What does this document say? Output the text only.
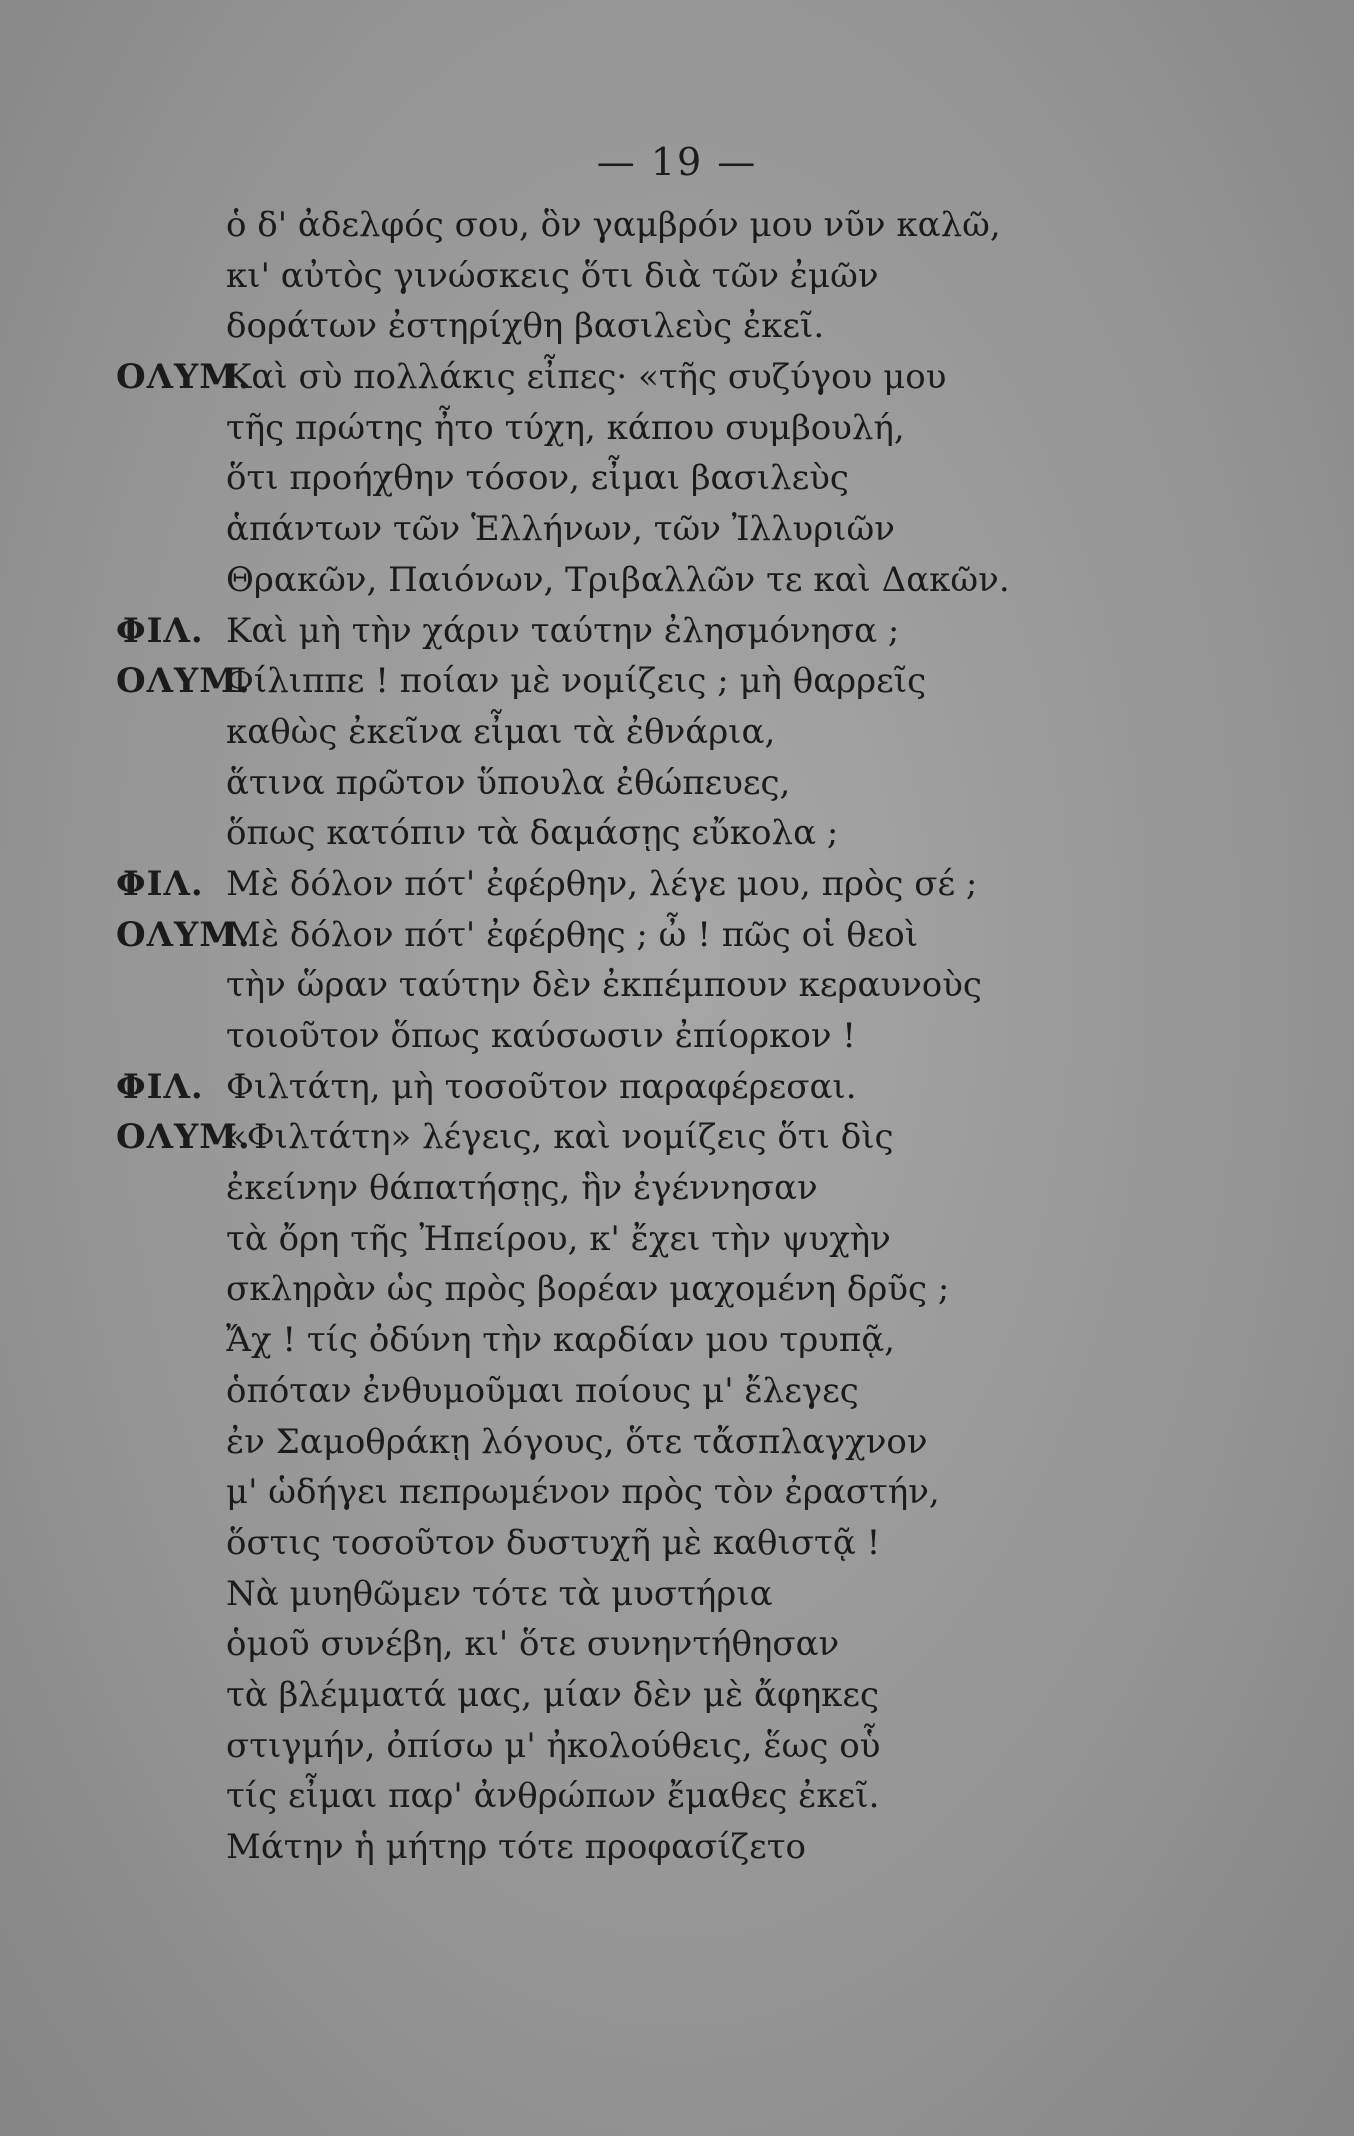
— 19 —
ὁ δ' ἀδελφός σου, ὃν γαμβρόν μου νῦν καλῶ,
κι' αὐτὸς γινώσκεις ὅτι διὰ τῶν ἐμῶν
δοράτων ἐστηρίχθη βασιλεὺς ἐκεῖ.
ΟΛΥΜ.
Καὶ σὺ πολλάκις εἶπες· «τῆς συζύγου μου
τῆς πρώτης ἦτο τύχη, κάπου συμβουλή,
ὅτι προήχθην τόσον, εἶμαι βασιλεὺς
ἁπάντων τῶν Ἑλλήνων, τῶν Ἰλλυριῶν
Θρακῶν, Παιόνων, Τριβαλλῶν τε καὶ Δακῶν.
ΦΙΛ. Καὶ μὴ τὴν χάριν ταύτην ἐλησμόνησα ;
ΟΛΥΜ.
Φίλιππε ! ποίαν μὲ νομίζεις ; μὴ θαρρεῖς
καθὼς ἐκεῖνα εἶμαι τὰ ἐθνάρια,
ἅτινα πρῶτον ὕπουλα ἐθώπευες,
ὅπως κατόπιν τὰ δαμάσῃς εὔκολα ;
ΦΙΛ. Μὲ δόλον πότ' ἐφέρθην, λέγε μου, πρὸς σέ ;
ΟΛΥΜ.
Μὲ δόλον πότ' ἐφέρθης ; ὦ ! πῶς οἱ θεοὶ
τὴν ὥραν ταύτην δὲν ἐκπέμπουν κεραυνοὺς
τοιοῦτον ὅπως καύσωσιν ἐπίορκον !
ΦΙΛ. Φιλτάτη, μὴ τοσοῦτον παραφέρεσαι.
ΟΛΥΜ.
«Φιλτάτη» λέγεις, καὶ νομίζεις ὅτι δὶς
ἐκείνην θάπατήσῃς, ἣν ἐγέννησαν
τὰ ὄρη τῆς Ἠπείρου, κ' ἔχει τὴν ψυχὴν
σκληρὰν ὡς πρὸς βορέαν μαχομένη δρῦς ;
Ἄχ ! τίς ὀδύνη τὴν καρδίαν μου τρυπᾷ,
ὁπόταν ἐνθυμοῦμαι ποίους μ' ἔλεγες
ἐν Σαμοθράκῃ λόγους, ὅτε τἄσπλαγχνον
μ' ὡδήγει πεπρωμένον πρὸς τὸν ἐραστήν,
ὅστις τοσοῦτον δυστυχῆ μὲ καθιστᾷ !
Νὰ μυηθῶμεν τότε τὰ μυστήρια
ὁμοῦ συνέβη, κι' ὅτε συνηντήθησαν
τὰ βλέμματά μας, μίαν δὲν μὲ ἄφηκες
στιγμήν, ὀπίσω μ' ἠκολούθεις, ἕως οὗ
τίς εἶμαι παρ' ἀνθρώπων ἔμαθες ἐκεῖ.
Μάτην ἡ μήτηρ τότε προφασίζετο
